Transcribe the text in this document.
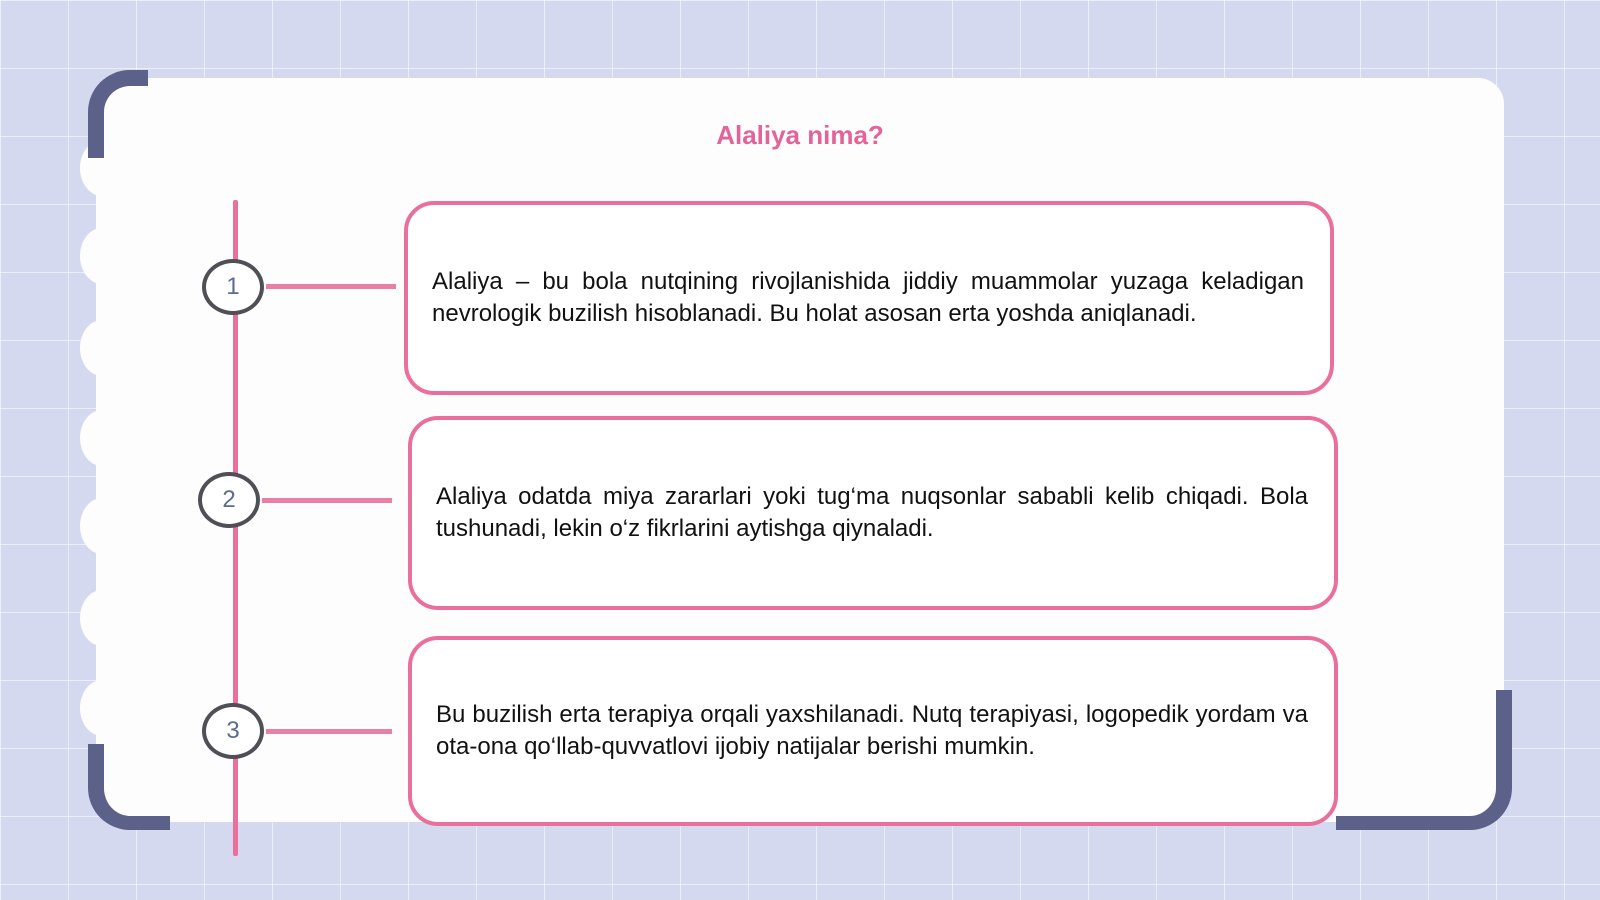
Alaliya nima?
1	Alaliya – bu bola nutqining rivojlanishida jiddiy muammolar yuzaga keladigan nevrologik buzilish hisoblanadi. Bu holat asosan erta yoshda aniqlanadi.
2	Alaliya odatda miya zararlari yoki tug‘ma nuqsonlar sababli kelib chiqadi. Bola tushunadi, lekin o‘z fikrlarini aytishga qiynaladi.
3
Bu buzilish erta terapiya orqali yaxshilanadi. Nutq terapiyasi, logopedik yordam va ota-ona qo‘llab-quvvatlovi ijobiy natijalar berishi mumkin.
